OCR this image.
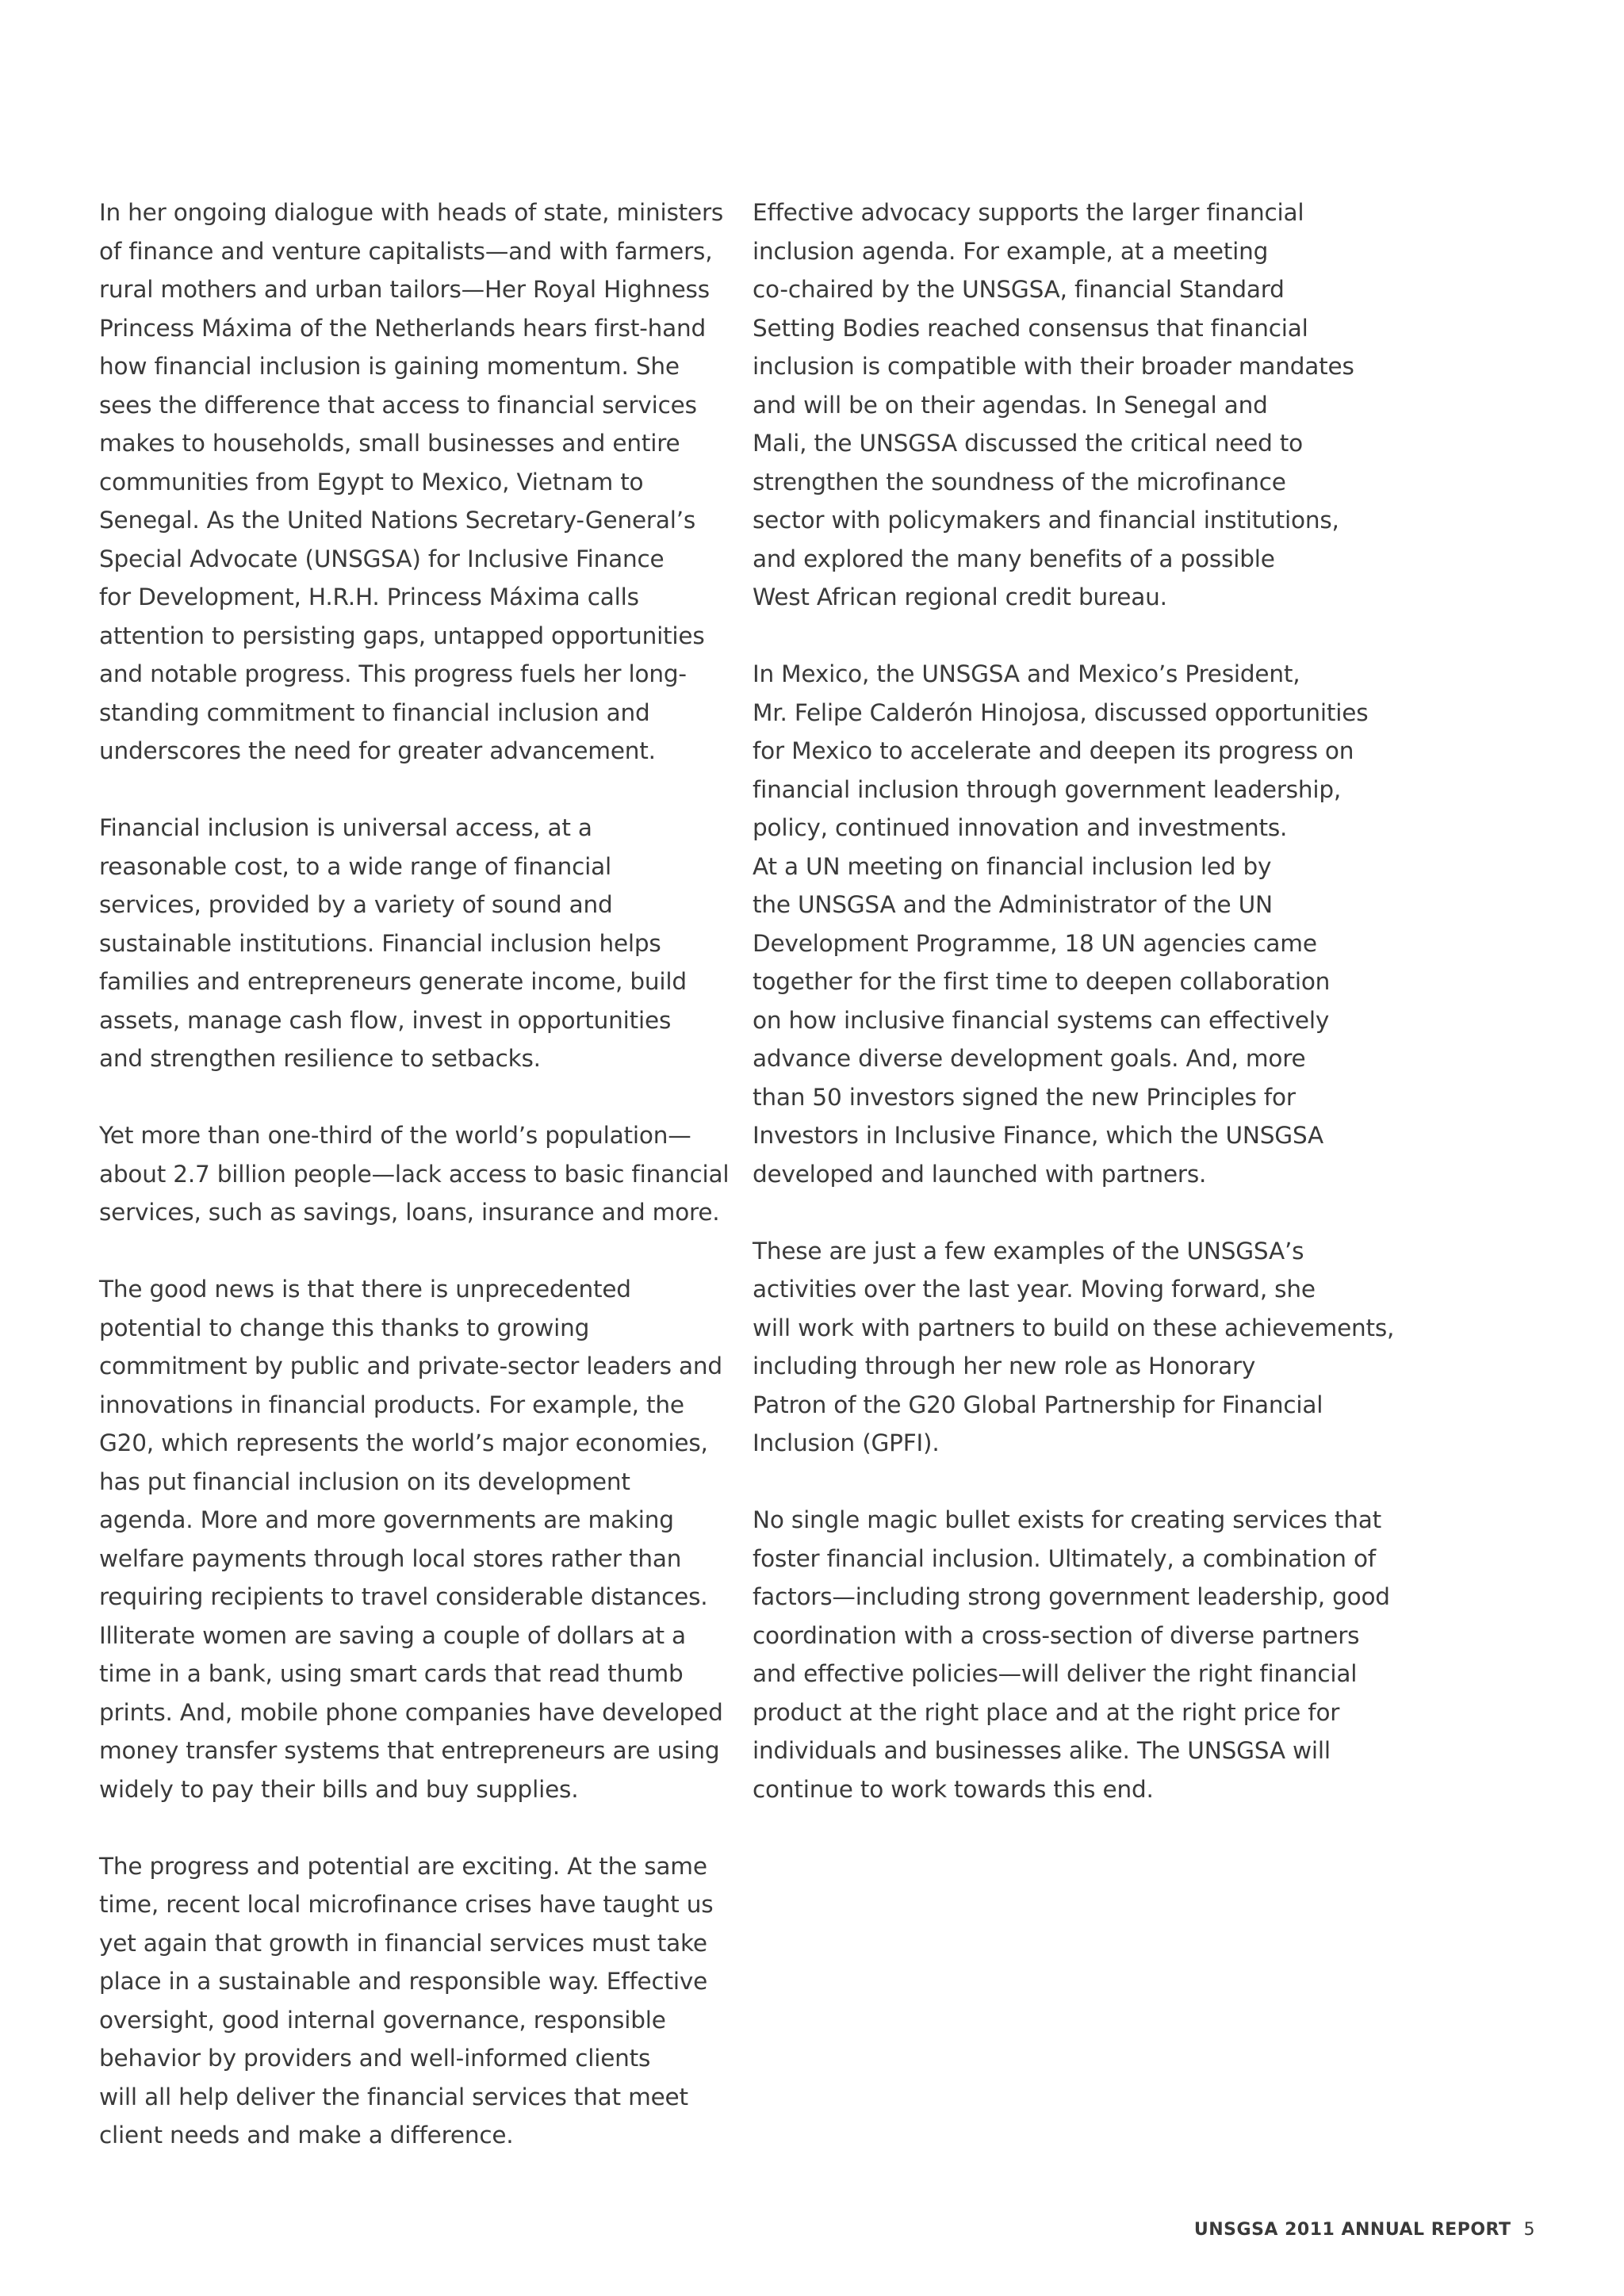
In her ongoing dialogue with heads of state, ministers
of finance and venture capitalists—and with farmers,
rural mothers and urban tailors—Her Royal Highness
Princess Máxima of the Netherlands hears first-hand
how financial inclusion is gaining momentum. She
sees the difference that access to financial services
makes to households, small businesses and entire
communities from Egypt to Mexico, Vietnam to
Senegal. As the United Nations Secretary-General’s
Special Advocate (UNSGSA) for Inclusive Finance
for Development, H.R.H. Princess Máxima calls
attention to persisting gaps, untapped opportunities
and notable progress. This progress fuels her long-
standing commitment to financial inclusion and
underscores the need for greater advancement.

Financial inclusion is universal access, at a
reasonable cost, to a wide range of financial
services, provided by a variety of sound and
sustainable institutions. Financial inclusion helps
families and entrepreneurs generate income, build
assets, manage cash flow, invest in opportunities
and strengthen resilience to setbacks.

Yet more than one-third of the world’s population—
about 2.7 billion people—lack access to basic financial
services, such as savings, loans, insurance and more.

The good news is that there is unprecedented
potential to change this thanks to growing
commitment by public and private-sector leaders and
innovations in financial products. For example, the
G20, which represents the world’s major economies,
has put financial inclusion on its development
agenda. More and more governments are making
welfare payments through local stores rather than
requiring recipients to travel considerable distances.
Illiterate women are saving a couple of dollars at a
time in a bank, using smart cards that read thumb
prints. And, mobile phone companies have developed
money transfer systems that entrepreneurs are using
widely to pay their bills and buy supplies.

The progress and potential are exciting. At the same
time, recent local microfinance crises have taught us
yet again that growth in financial services must take
place in a sustainable and responsible way. Effective
oversight, good internal governance, responsible
behavior by providers and well-informed clients
will all help deliver the financial services that meet
client needs and make a difference.

Effective advocacy supports the larger financial
inclusion agenda. For example, at a meeting
co-chaired by the UNSGSA, financial Standard
Setting Bodies reached consensus that financial
inclusion is compatible with their broader mandates
and will be on their agendas. In Senegal and
Mali, the UNSGSA discussed the critical need to
strengthen the soundness of the microfinance
sector with policymakers and financial institutions,
and explored the many benefits of a possible
West African regional credit bureau.

In Mexico, the UNSGSA and Mexico’s President,
Mr. Felipe Calderón Hinojosa, discussed opportunities
for Mexico to accelerate and deepen its progress on
financial inclusion through government leadership,
policy, continued innovation and investments.
At a UN meeting on financial inclusion led by
the UNSGSA and the Administrator of the UN
Development Programme, 18 UN agencies came
together for the first time to deepen collaboration
on how inclusive financial systems can effectively
advance diverse development goals. And, more
than 50 investors signed the new Principles for
Investors in Inclusive Finance, which the UNSGSA
developed and launched with partners.

These are just a few examples of the UNSGSA’s
activities over the last year. Moving forward, she
will work with partners to build on these achievements,
including through her new role as Honorary
Patron of the G20 Global Partnership for Financial
Inclusion (GPFI).

No single magic bullet exists for creating services that
foster financial inclusion. Ultimately, a combination of
factors—including strong government leadership, good
coordination with a cross-section of diverse partners
and effective policies—will deliver the right financial
product at the right place and at the right price for
individuals and businesses alike. The UNSGSA will
continue to work towards this end.

UNSGSA 2011 ANNUAL REPORT 5
